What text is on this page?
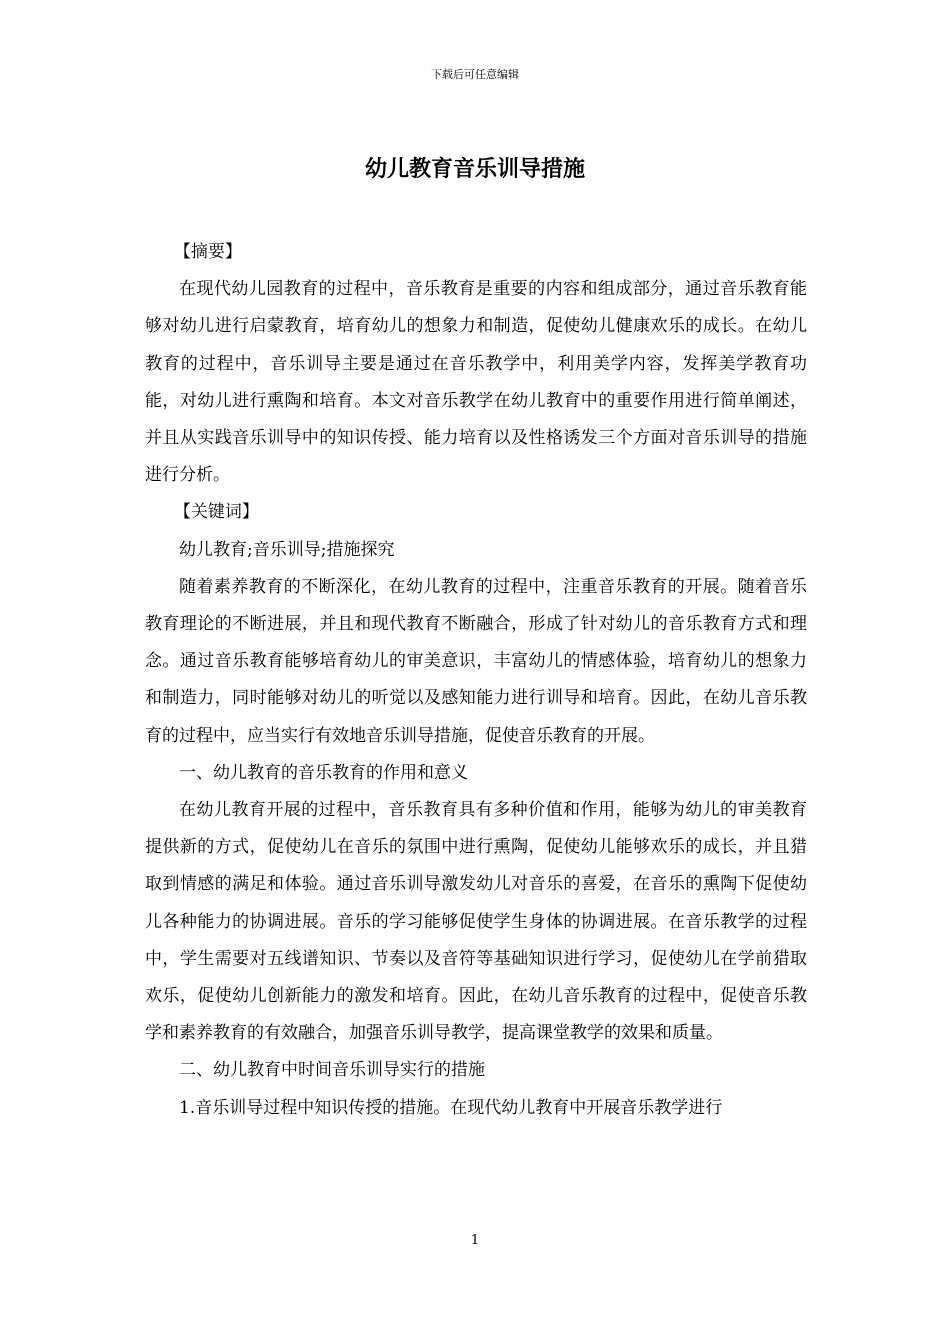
下载后可任意编辑
幼儿教育音乐训导措施

【摘要】

在现代幼儿园教育的过程中，音乐教育是重要的内容和组成部分，通过音乐教育能够对幼儿进行启蒙教育，培育幼儿的想象力和制造，促使幼儿健康欢乐的成长。在幼儿教育的过程中，音乐训导主要是通过在音乐教学中，利用美学内容，发挥美学教育功能，对幼儿进行熏陶和培育。本文对音乐教学在幼儿教育中的重要作用进行简单阐述，并且从实践音乐训导中的知识传授、能力培育以及性格诱发三个方面对音乐训导的措施进行分析。

【关键词】

幼儿教育;音乐训导;措施探究

随着素养教育的不断深化，在幼儿教育的过程中，注重音乐教育的开展。随着音乐教育理论的不断进展，并且和现代教育不断融合，形成了针对幼儿的音乐教育方式和理念。通过音乐教育能够培育幼儿的审美意识，丰富幼儿的情感体验，培育幼儿的想象力和制造力，同时能够对幼儿的听觉以及感知能力进行训导和培育。因此，在幼儿音乐教育的过程中，应当实行有效地音乐训导措施，促使音乐教育的开展。

一、幼儿教育的音乐教育的作用和意义

在幼儿教育开展的过程中，音乐教育具有多种价值和作用，能够为幼儿的审美教育提供新的方式，促使幼儿在音乐的氛围中进行熏陶，促使幼儿能够欢乐的成长，并且猎取到情感的满足和体验。通过音乐训导激发幼儿对音乐的喜爱，在音乐的熏陶下促使幼儿各种能力的协调进展。音乐的学习能够促使学生身体的协调进展。在音乐教学的过程中，学生需要对五线谱知识、节奏以及音符等基础知识进行学习，促使幼儿在学前猎取欢乐，促使幼儿创新能力的激发和培育。因此，在幼儿音乐教育的过程中，促使音乐教学和素养教育的有效融合，加强音乐训导教学，提高课堂教学的效果和质量。

二、幼儿教育中时间音乐训导实行的措施

1.音乐训导过程中知识传授的措施。在现代幼儿教育中开展音乐教学进行

1
